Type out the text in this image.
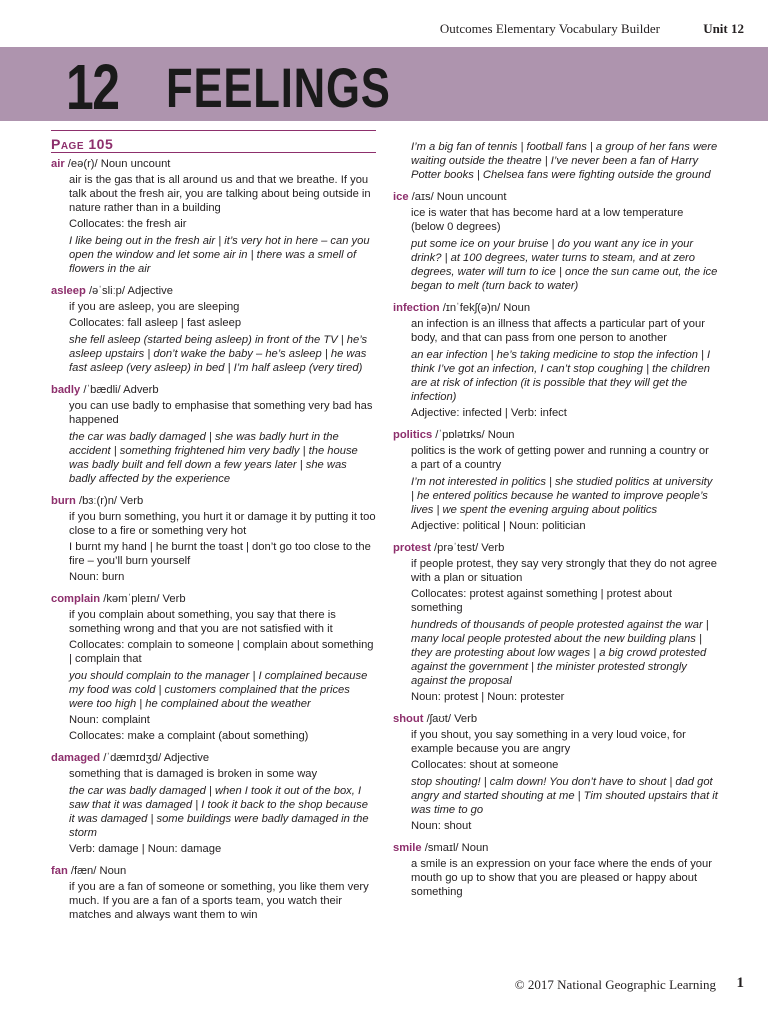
Outcomes Elementary Vocabulary Builder	Unit 12
12 FEELINGS
Page 105
air /eə(r)/ Noun uncount
air is the gas that is all around us and that we breathe. If you talk about the fresh air, you are talking about being outside in nature rather than in a building
Collocates: the fresh air
I like being out in the fresh air | it’s very hot in here – can you open the window and let some air in | there was a smell of flowers in the air
asleep /əˈsliːp/ Adjective
if you are asleep, you are sleeping
Collocates: fall asleep | fast asleep
she fell asleep (started being asleep) in front of the TV | he’s asleep upstairs | don’t wake the baby – he’s asleep | he was fast asleep (very asleep) in bed | I’m half asleep (very tired)
badly /ˈbædli/ Adverb
you can use badly to emphasise that something very bad has happened
the car was badly damaged | she was badly hurt in the accident | something frightened him very badly | the house was badly built and fell down a few years later | she was badly affected by the experience
burn /bɜː(r)n/ Verb
if you burn something, you hurt it or damage it by putting it too close to a fire or something very hot
I burnt my hand | he burnt the toast | don’t go too close to the fire – you’ll burn yourself
Noun: burn
complain /kəmˈpleɪn/ Verb
if you complain about something, you say that there is something wrong and that you are not satisfied with it
Collocates: complain to someone | complain about something | complain that
you should complain to the manager | I complained because my food was cold | customers complained that the prices were too high | he complained about the weather
Noun: complaint
Collocates: make a complaint (about something)
damaged /ˈdæmɪdʒd/ Adjective
something that is damaged is broken in some way
the car was badly damaged | when I took it out of the box, I saw that it was damaged | I took it back to the shop because it was damaged | some buildings were badly damaged in the storm
Verb: damage | Noun: damage
fan /fæn/ Noun
if you are a fan of someone or something, you like them very much. If you are a fan of a sports team, you watch their matches and always want them to win
I’m a big fan of tennis | football fans | a group of her fans were waiting outside the theatre | I’ve never been a fan of Harry Potter books | Chelsea fans were fighting outside the ground
ice /aɪs/ Noun uncount
ice is water that has become hard at a low temperature (below 0 degrees)
put some ice on your bruise | do you want any ice in your drink? | at 100 degrees, water turns to steam, and at zero degrees, water will turn to ice | once the sun came out, the ice began to melt (turn back to water)
infection /ɪnˈfekʃ(ə)n/ Noun
an infection is an illness that affects a particular part of your body, and that can pass from one person to another
an ear infection | he’s taking medicine to stop the infection | I think I’ve got an infection, I can’t stop coughing | the children are at risk of infection (it is possible that they will get the infection)
Adjective: infected | Verb: infect
politics /ˈpɒlətɪks/ Noun
politics is the work of getting power and running a country or a part of a country
I’m not interested in politics | she studied politics at university | he entered politics because he wanted to improve people’s lives | we spent the evening arguing about politics
Adjective: political | Noun: politician
protest /prəˈtest/ Verb
if people protest, they say very strongly that they do not agree with a plan or situation
Collocates: protest against something | protest about something
hundreds of thousands of people protested against the war | many local people protested about the new building plans | they are protesting about low wages | a big crowd protested against the government | the minister protested strongly against the proposal
Noun: protest | Noun: protester
shout /ʃaʊt/ Verb
if you shout, you say something in a very loud voice, for example because you are angry
Collocates: shout at someone
stop shouting! | calm down! You don’t have to shout | dad got angry and started shouting at me | Tim shouted upstairs that it was time to go
Noun: shout
smile /smaɪl/ Noun
a smile is an expression on your face where the ends of your mouth go up to show that you are pleased or happy about something
© 2017 National Geographic Learning 1
